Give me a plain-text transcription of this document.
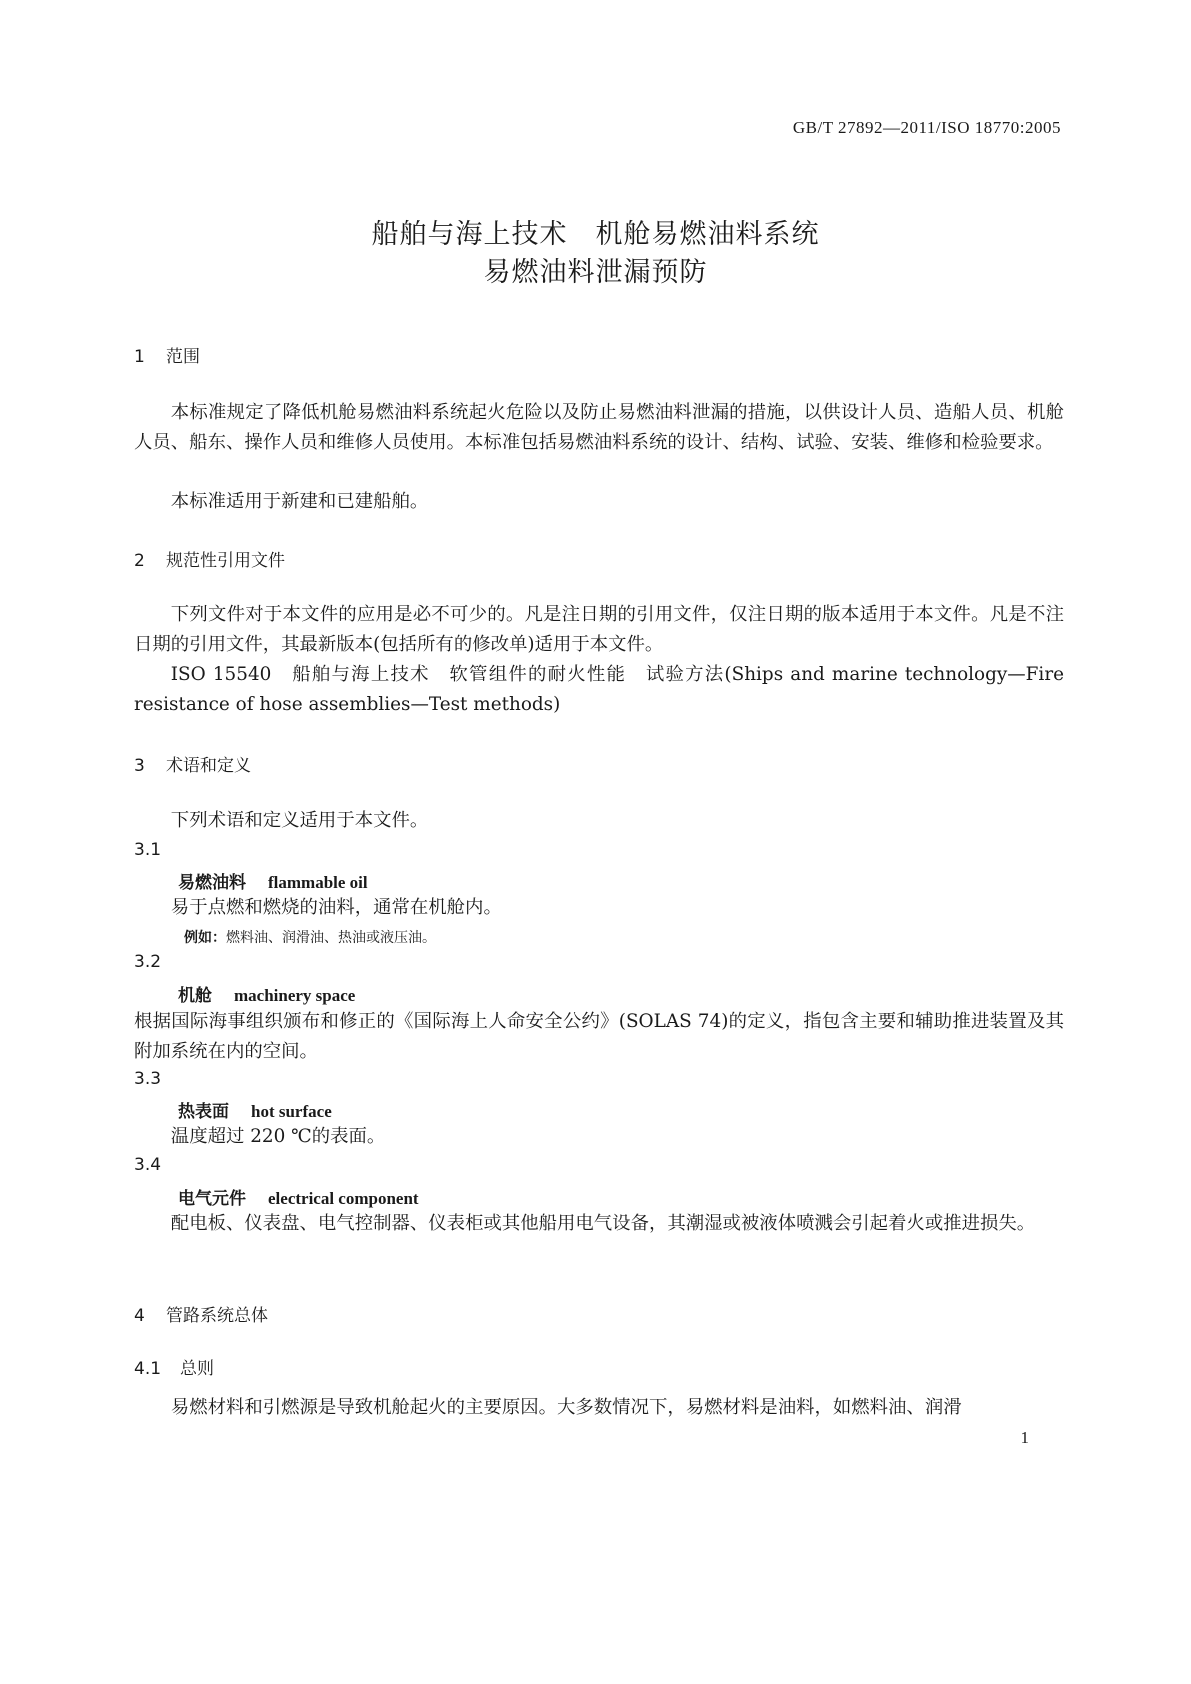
GB/T 27892—2011/ISO 18770:2005
船舶与海上技术　机舱易燃油料系统
易燃油料泄漏预防
1 范围
本标准规定了降低机舱易燃油料系统起火危险以及防止易燃油料泄漏的措施，以供设计人员、造船人员、机舱人员、船东、操作人员和维修人员使用。本标准包括易燃油料系统的设计、结构、试验、安装、维修和检验要求。
本标准适用于新建和已建船舶。
2 规范性引用文件
下列文件对于本文件的应用是必不可少的。凡是注日期的引用文件，仅注日期的版本适用于本文件。凡是不注日期的引用文件，其最新版本(包括所有的修改单)适用于本文件。
ISO 15540　船舶与海上技术　软管组件的耐火性能　试验方法(Ships and marine technology—Fire resistance of hose assemblies—Test methods)
3 术语和定义
下列术语和定义适用于本文件。
3.1
易燃油料 flammable oil
易于点燃和燃烧的油料，通常在机舱内。
例如：燃料油、润滑油、热油或液压油。
3.2
机舱 machinery space
根据国际海事组织颁布和修正的《国际海上人命安全公约》(SOLAS 74)的定义，指包含主要和辅助推进装置及其附加系统在内的空间。
3.3
热表面 hot surface
温度超过 220 ℃的表面。
3.4
电气元件 electrical component
配电板、仪表盘、电气控制器、仪表柜或其他船用电气设备，其潮湿或被液体喷溅会引起着火或推进损失。
4 管路系统总体
4.1 总则
易燃材料和引燃源是导致机舱起火的主要原因。大多数情况下，易燃材料是油料，如燃料油、润滑
1
